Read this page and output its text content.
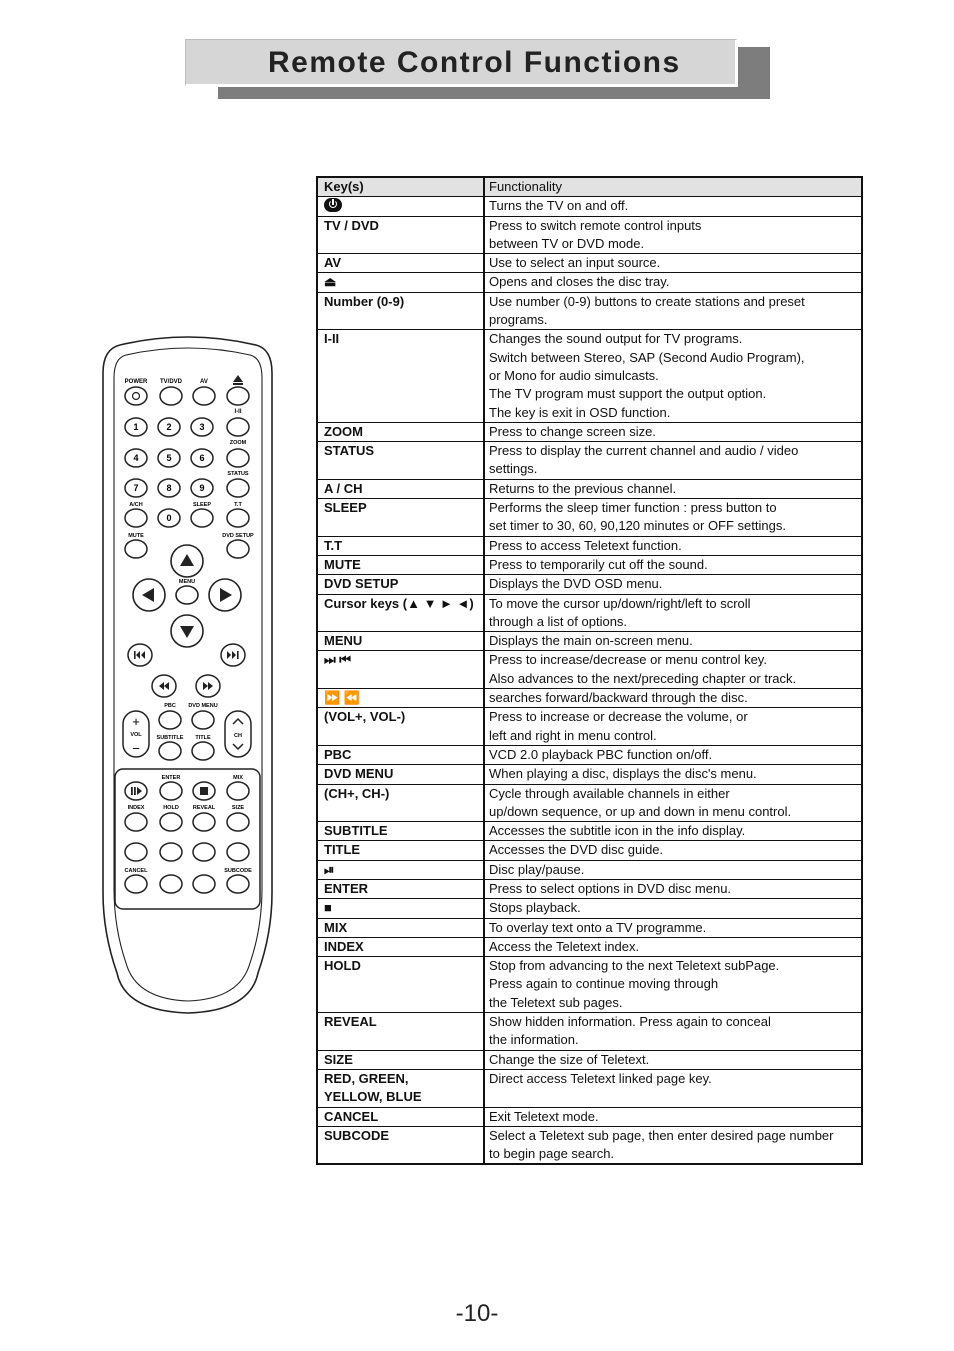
Remote Control Functions
POWER TV/DVD	AV
I-II
1	2	3
4	5	6
7	8	9
0
ZOOM
STATUS
A/CH	SLEEP	T.T
MUTE	DVD SETUP
MENU
PBC DVD MENU
+
VOL
−
CH
SUBTITLE TITLE
ENTER	MIX
INDEX	HOLD	REVEAL	SIZE
CANCEL	SUBCODE
Key(s)	Functionality
	Turns the TV on and off.
TV / DVD	Press to switch remote control inputs
between TV or DVD mode.
AV	Use to select an input source.
⏏	Opens and closes the disc tray.
Number (0-9)	Use number (0-9) buttons to create stations and preset
programs.
I-II	Changes the sound output for TV programs.
Switch between Stereo, SAP (Second Audio Program),
or Mono for audio simulcasts.
The TV program must support the output option.
The key is exit in OSD function.
ZOOM	Press to change screen size.
STATUS	Press to display the current channel and audio / video
settings.
A / CH	Returns to the previous channel.
SLEEP	Performs the sleep timer function : press button to
set timer to 30, 60, 90,120 minutes or OFF settings.
T.T	Press to access Teletext function.
MUTE	Press to temporarily cut off the sound.
DVD SETUP	Displays the DVD OSD menu.
Cursor keys (▲ ▼ ► ◄)	To move the cursor up/down/right/left to scroll
through a list of options.
MENU	Displays the main on-screen menu.
⏭ ⏮	Press to increase/decrease or menu control key.
Also advances to the next/preceding chapter or track.
⏩ ⏪	searches forward/backward through the disc.
(VOL+, VOL-)	Press to increase or decrease the volume, or
left and right in menu control.
PBC	VCD 2.0 playback PBC function on/off.
DVD MENU	When playing a disc, displays the disc's menu.
(CH+, CH-)	Cycle through available channels in either
up/down sequence, or up and down in menu control.
SUBTITLE	Accesses the subtitle icon in the info display.
TITLE	Accesses the DVD disc guide.
⏯	Disc play/pause.
ENTER	Press to select options in DVD disc menu.
■	Stops playback.
MIX	To overlay text onto a TV programme.
INDEX	Access the Teletext index.
HOLD	Stop from advancing to the next Teletext subPage.
Press again to continue moving through
the Teletext sub pages.
REVEAL	Show hidden information. Press again to conceal
the information.
SIZE	Change the size of Teletext.
RED, GREEN,
YELLOW, BLUE	Direct access Teletext linked page key.

CANCEL	Exit Teletext mode.
SUBCODE	Select a Teletext sub page, then enter desired page number
to begin page search.
-10-
